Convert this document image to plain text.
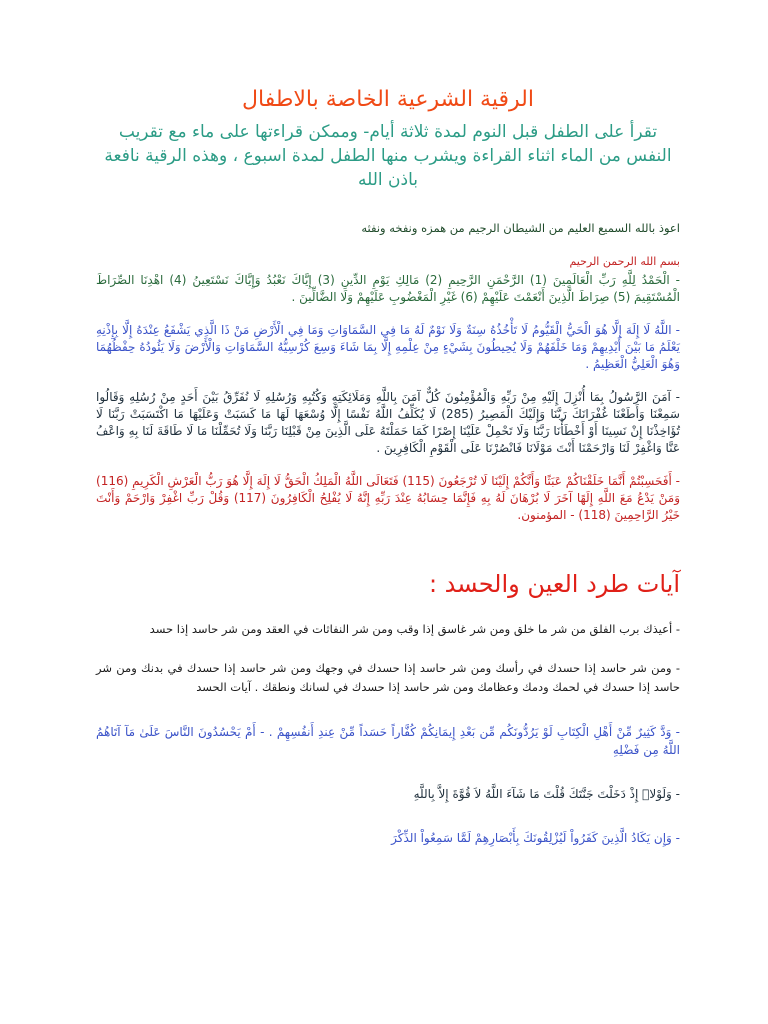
الرقية الشرعية الخاصة بالاطفال

تقرأ على الطفل قبل النوم لمدة ثلاثة أيام- وممكن قراءتها على ماء مع تقريب النفس من الماء اثناء القراءة ويشرب منها الطفل لمدة اسبوع ، وهذه الرقية نافعة باذن الله

اعوذ بالله السميع العليم من الشيطان الرجيم من همزه ونفخه ونفثه

بسم الله الرحمن الرحيم

- الْحَمْدُ لِلَّهِ رَبِّ الْعَالَمِينَ (1) الرَّحْمَنِ الرَّحِيمِ (2) مَالِكِ يَوْمِ الدِّينِ (3) إِيَّاكَ نَعْبُدُ وَإِيَّاكَ نَسْتَعِينُ (4) اهْدِنَا الصِّرَاطَ الْمُسْتَقِيمَ (5) صِرَاطَ الَّذِينَ أَنْعَمْتَ عَلَيْهِمْ (6) غَيْرِ الْمَغْضُوبِ عَلَيْهِمْ وَلَا الضَّالِّينَ .

- اللَّهُ لَا إِلَهَ إِلَّا هُوَ الْحَيُّ الْقَيُّومُ لَا تَأْخُذُهُ سِنَةٌ وَلَا نَوْمٌ لَهُ مَا فِي السَّمَاوَاتِ وَمَا فِي الْأَرْضِ مَنْ ذَا الَّذِي يَشْفَعُ عِنْدَهُ إِلَّا بِإِذْنِهِ يَعْلَمُ مَا بَيْنَ أَيْدِيهِمْ وَمَا خَلْفَهُمْ وَلَا يُحِيطُونَ بِشَيْءٍ مِنْ عِلْمِهِ إِلَّا بِمَا شَاءَ وَسِعَ كُرْسِيُّهُ السَّمَاوَاتِ وَالْأَرْضَ وَلَا يَئُودُهُ حِفْظُهُمَا وَهُوَ الْعَلِيُّ الْعَظِيمُ .

- آمَنَ الرَّسُولُ بِمَا أُنْزِلَ إِلَيْهِ مِنْ رَبِّهِ وَالْمُؤْمِنُونَ كُلٌّ آمَنَ بِاللَّهِ وَمَلَائِكَتِهِ وَكُتُبِهِ وَرُسُلِهِ لَا نُفَرِّقُ بَيْنَ أَحَدٍ مِنْ رُسُلِهِ وَقَالُوا سَمِعْنَا وَأَطَعْنَا غُفْرَانَكَ رَبَّنَا وَإِلَيْكَ الْمَصِيرُ (285) لَا يُكَلِّفُ اللَّهُ نَفْسًا إِلَّا وُسْعَهَا لَهَا مَا كَسَبَتْ وَعَلَيْهَا مَا اكْتَسَبَتْ رَبَّنَا لَا تُؤَاخِذْنَا إِنْ نَسِينَا أَوْ أَخْطَأْنَا رَبَّنَا وَلَا تَحْمِلْ عَلَيْنَا إِصْرًا كَمَا حَمَلْتَهُ عَلَى الَّذِينَ مِنْ قَبْلِنَا رَبَّنَا وَلَا تُحَمِّلْنَا مَا لَا طَاقَةَ لَنَا بِهِ وَاعْفُ عَنَّا وَاغْفِرْ لَنَا وَارْحَمْنَا أَنْتَ مَوْلَانَا فَانْصُرْنَا عَلَى الْقَوْمِ الْكَافِرِينَ .

- أَفَحَسِبْتُمْ أَنَّمَا خَلَقْنَاكُمْ عَبَثًا وَأَنَّكُمْ إِلَيْنَا لَا تُرْجَعُونَ (115) فَتَعَالَى اللَّهُ الْمَلِكُ الْحَقُّ لَا إِلَهَ إِلَّا هُوَ رَبُّ الْعَرْشِ الْكَرِيمِ (116) وَمَنْ يَدْعُ مَعَ اللَّهِ إِلَهًا آخَرَ لَا بُرْهَانَ لَهُ بِهِ فَإِنَّمَا حِسَابُهُ عِنْدَ رَبِّهِ إِنَّهُ لَا يُفْلِحُ الْكَافِرُونَ (117) وَقُلْ رَبِّ اغْفِرْ وَارْحَمْ وَأَنْتَ خَيْرُ الرَّاحِمِينَ (118) - المؤمنون.

آيات طرد العين والحسد :

- أعيذك برب الفلق من شر ما خلق ومن شر غاسق إذا وقب ومن شر النفاثات في العقد ومن شر حاسد إذا حسد

- ومن شر حاسد إذا حسدك في رأسك ومن شر حاسد إذا حسدك في وجهك ومن شر حاسد إذا حسدك في بدنك ومن شر حاسد إذا حسدك في لحمك ودمك وعظامك ومن شر حاسد إذا حسدك في لسانك ونطقك . آيات الحسد

- وَدَّ كَثِيرٌ مِّنْ أَهْلِ الْكِتَابِ لَوْ يَرُدُّونَكُم مِّن بَعْدِ إِيمَانِكُمْ كُفَّاراً حَسَداً مِّنْ عِندِ أَنفُسِهِمْ . - أَمْ يَحْسُدُونَ النَّاسَ عَلَىٰ مَآ آتَاهُمُ اللَّهُ مِن فَضْلِهِ

- وَلَوْلاۤ إِذْ دَخَلْتَ جَنَّتَكَ قُلْتَ مَا شَآءَ اللَّهُ لاَ قُوَّةَ إِلاَّ بِاللَّهِ

- وَإِن يَكَادُ الَّذِينَ كَفَرُواْ لَيُزْلِقُونَكَ بِأَبْصَارِهِمْ لَمَّا سَمِعُواْ الذِّكْرَ
